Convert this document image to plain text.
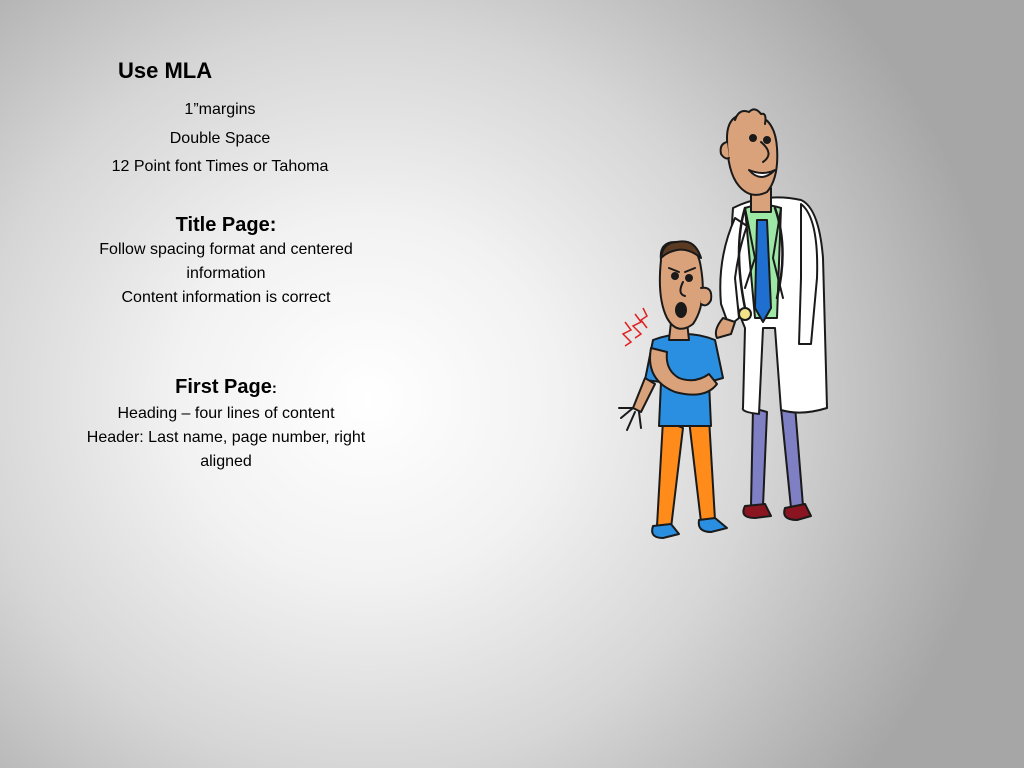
Use MLA
1”margins
Double Space
12 Point font Times or Tahoma
Title Page:
Follow spacing format and centered information
Content information is correct
First Page:
Heading – four lines of content
Header: Last name, page number, right aligned
